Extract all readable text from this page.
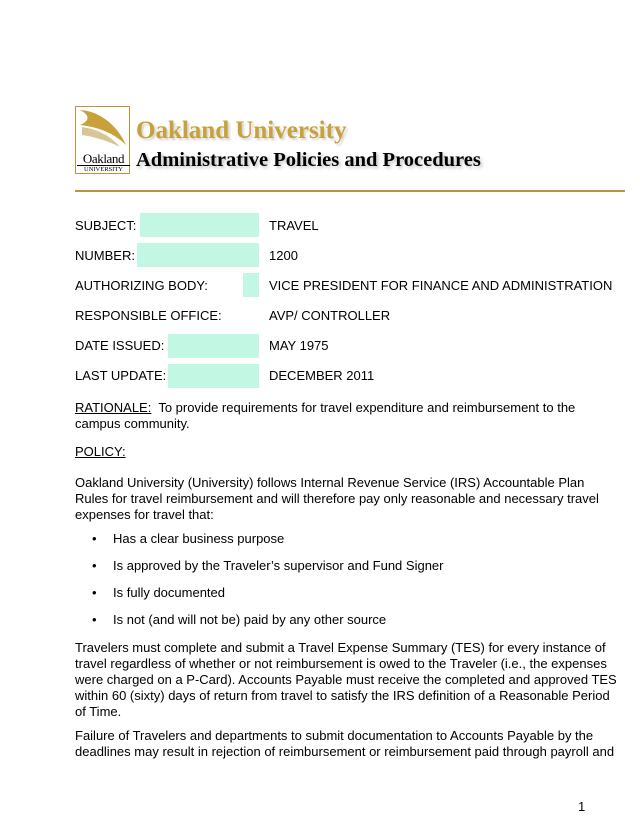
Oakland
UNIVERSITY
Oakland University
Administrative Policies and Procedures
SUBJECT:	TRAVEL
NUMBER:	1200
AUTHORIZING BODY:	VICE PRESIDENT FOR FINANCE AND ADMINISTRATION
RESPONSIBLE OFFICE:	AVP/ CONTROLLER
DATE ISSUED:	MAY 1975
LAST UPDATE:	DECEMBER 2011

RATIONALE: To provide requirements for travel expenditure and reimbursement to the campus community.

POLICY:

Oakland University (University) follows Internal Revenue Service (IRS) Accountable Plan Rules for travel reimbursement and will therefore pay only reasonable and necessary travel expenses for travel that:

• Has a clear business purpose
• Is approved by the Traveler’s supervisor and Fund Signer
• Is fully documented
• Is not (and will not be) paid by any other source

Travelers must complete and submit a Travel Expense Summary (TES) for every instance of travel regardless of whether or not reimbursement is owed to the Traveler (i.e., the expenses were charged on a P-Card). Accounts Payable must receive the completed and approved TES within 60 (sixty) days of return from travel to satisfy the IRS definition of a Reasonable Period of Time.

Failure of Travelers and departments to submit documentation to Accounts Payable by the deadlines may result in rejection of reimbursement or reimbursement paid through payroll and

1
